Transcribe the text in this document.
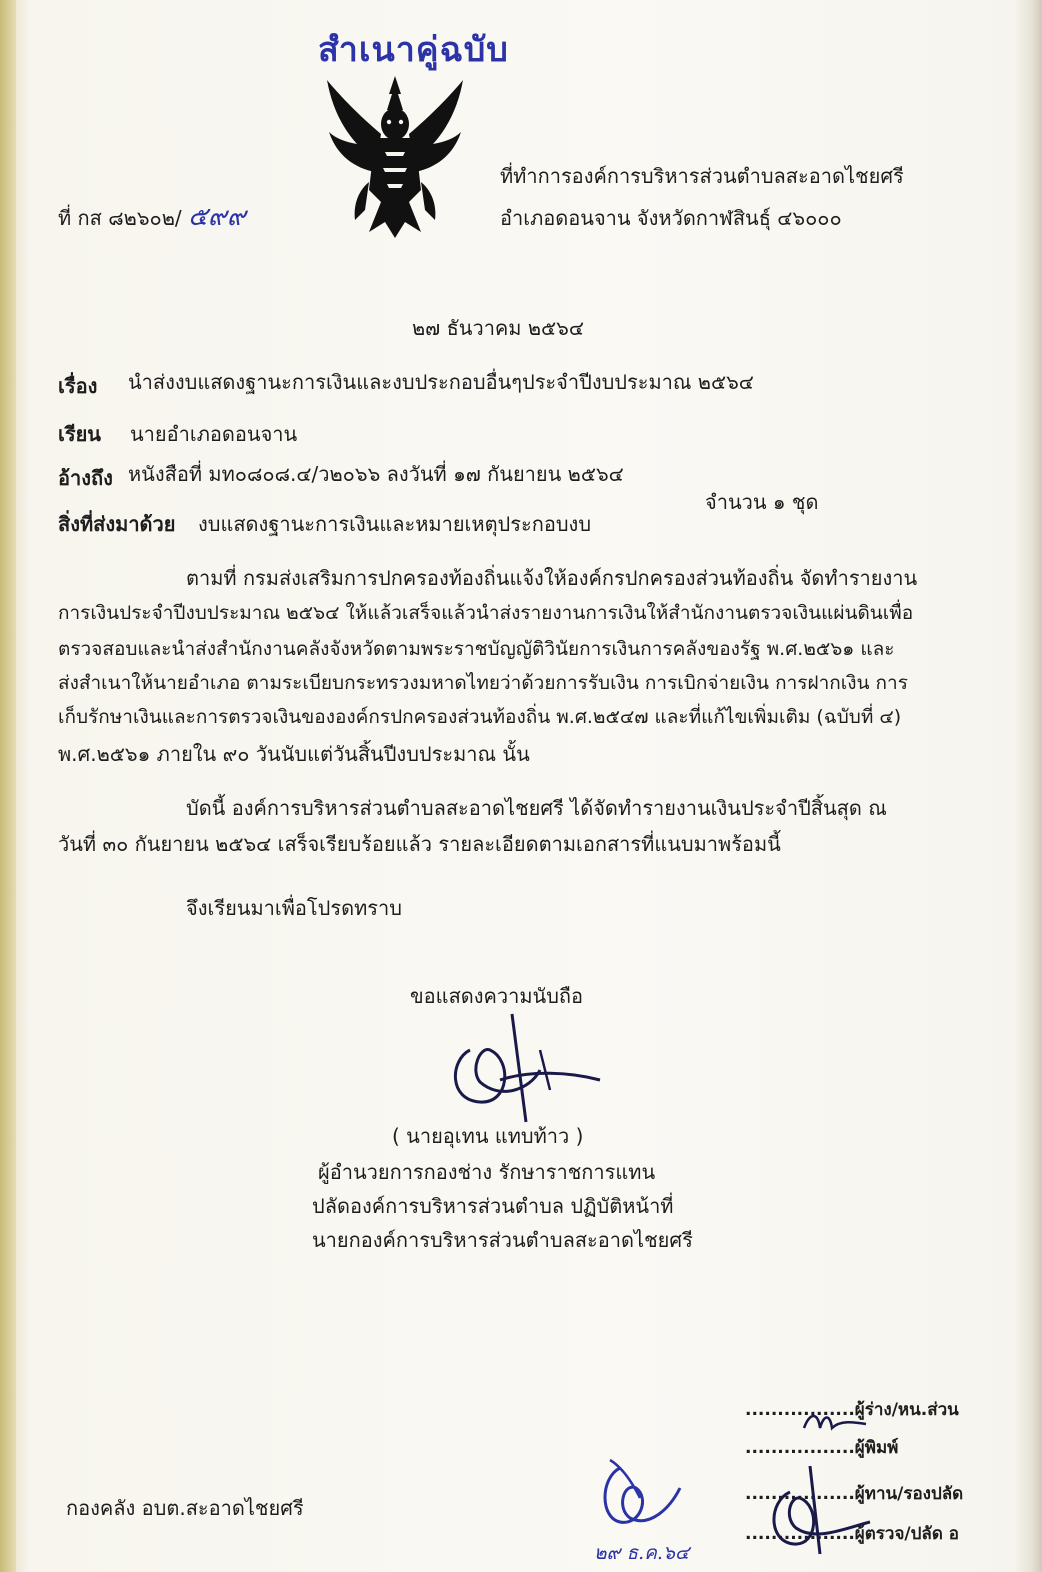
สำเนาคู่ฉบับ
ที่ กส ๘๒๖๐๒/ ๕๙๙
ที่ทำการองค์การบริหารส่วนตำบลสะอาดไชยศรี
อำเภอดอนจาน จังหวัดกาฬสินธุ์ ๔๖๐๐๐
๒๗ ธันวาคม ๒๕๖๔
เรื่อง นำส่งงบแสดงฐานะการเงินและงบประกอบอื่นๆประจำปีงบประมาณ ๒๕๖๔
เรียน นายอำเภอดอนจาน
อ้างถึง หนังสือที่ มท๐๘๐๘.๔/ว๒๐๖๖ ลงวันที่ ๑๗ กันยายน ๒๕๖๔
สิ่งที่ส่งมาด้วย งบแสดงฐานะการเงินและหมายเหตุประกอบงบ
จำนวน ๑ ชุด
ตามที่ กรมส่งเสริมการปกครองท้องถิ่นแจ้งให้องค์กรปกครองส่วนท้องถิ่น จัดทำรายงาน
การเงินประจำปีงบประมาณ ๒๕๖๔ ให้แล้วเสร็จแล้วนำส่งรายงานการเงินให้สำนักงานตรวจเงินแผ่นดินเพื่อ
ตรวจสอบและนำส่งสำนักงานคลังจังหวัดตามพระราชบัญญัติวินัยการเงินการคลังของรัฐ พ.ศ.๒๕๖๑ และ
ส่งสำเนาให้นายอำเภอ ตามระเบียบกระทรวงมหาดไทยว่าด้วยการรับเงิน การเบิกจ่ายเงิน การฝากเงิน การ
เก็บรักษาเงินและการตรวจเงินขององค์กรปกครองส่วนท้องถิ่น พ.ศ.๒๕๔๗ และที่แก้ไขเพิ่มเติม (ฉบับที่ ๔)
พ.ศ.๒๕๖๑ ภายใน ๙๐ วันนับแต่วันสิ้นปีงบประมาณ นั้น
บัดนี้ องค์การบริหารส่วนตำบลสะอาดไชยศรี ได้จัดทำรายงานเงินประจำปีสิ้นสุด ณ
วันที่ ๓๐ กันยายน ๒๕๖๔ เสร็จเรียบร้อยแล้ว รายละเอียดตามเอกสารที่แนบมาพร้อมนี้
จึงเรียนมาเพื่อโปรดทราบ
ขอแสดงความนับถือ
( นายอุเทน แทบท้าว )
ผู้อำนวยการกองช่าง รักษาราชการแทน
ปลัดองค์การบริหารส่วนตำบล ปฏิบัติหน้าที่
นายกองค์การบริหารส่วนตำบลสะอาดไชยศรี
กองคลัง อบต.สะอาดไชยศรี
๒๙ ธ.ค.๖๔
.................ผู้ร่าง/หน.ส่วน
.................ผู้พิมพ์
.................ผู้ทาน/รองปลัด
.................ผู้ตรวจ/ปลัด อ
